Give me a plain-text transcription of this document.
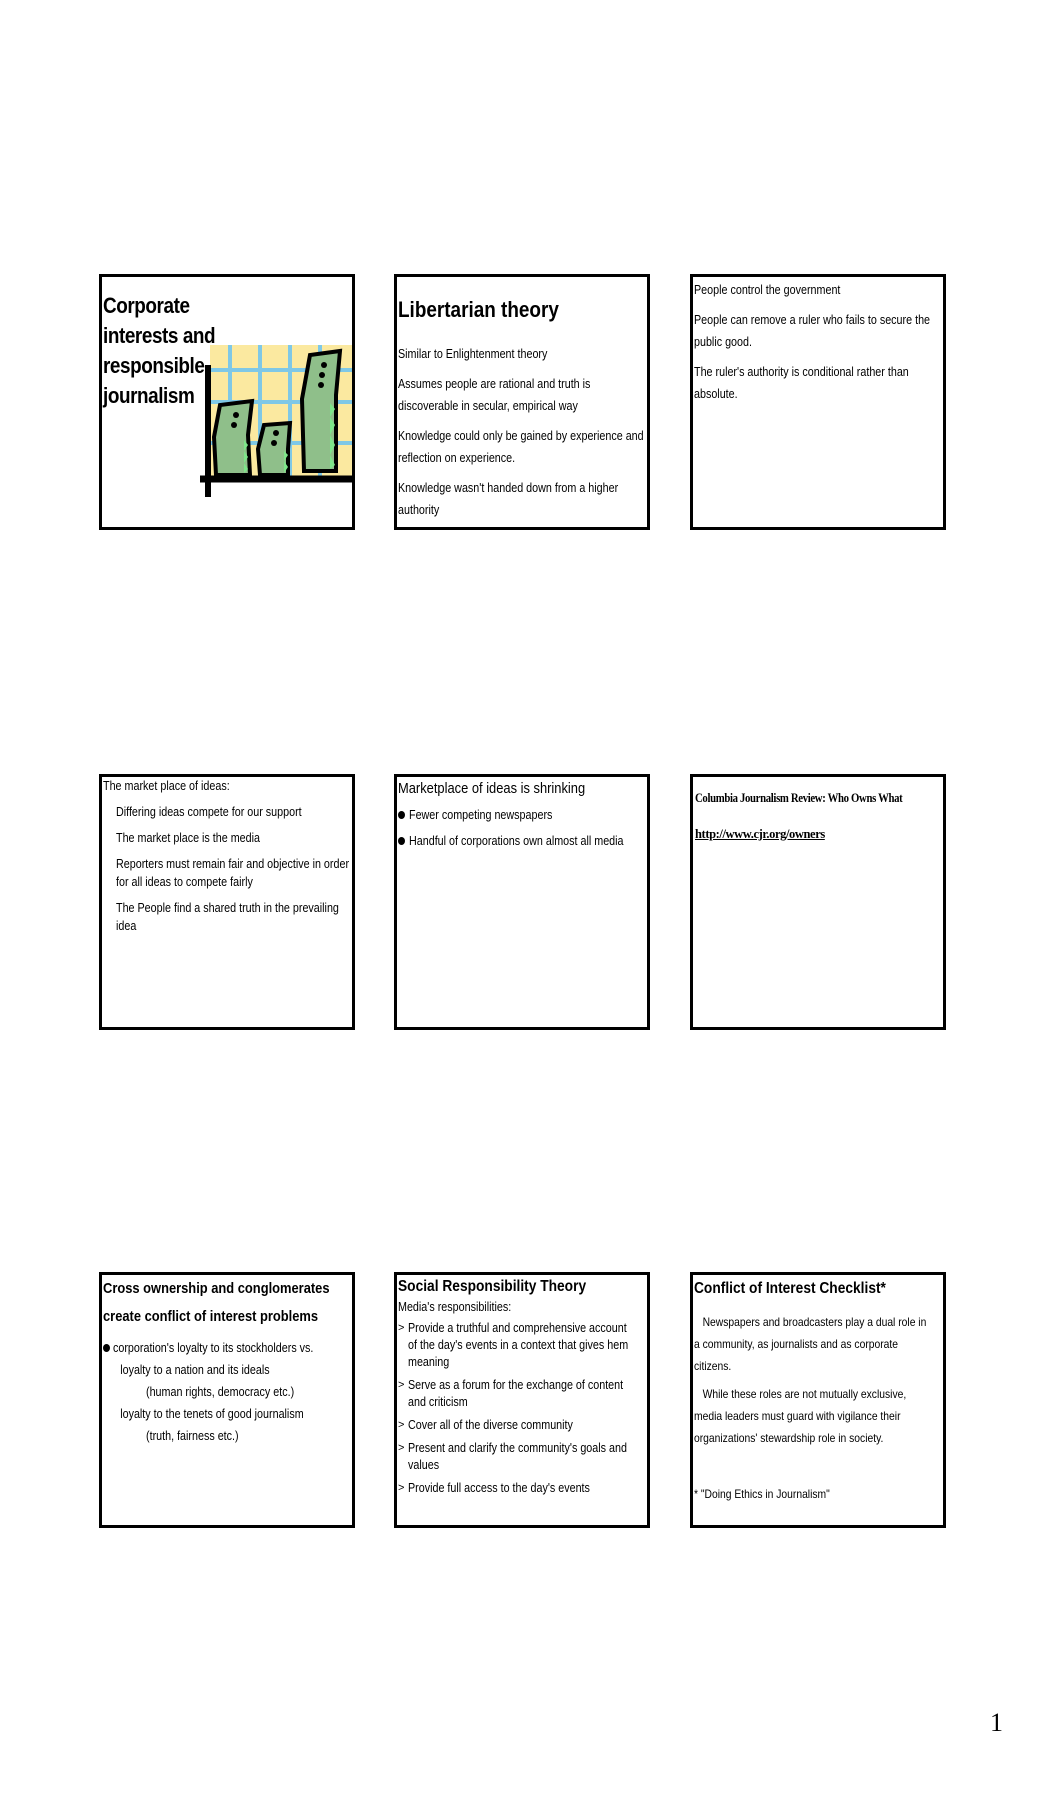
Corporate
interests and
responsible
journalism
Libertarian theory
Similar to Enlightenment theory
Assumes people are rational and truth is
discoverable in secular, empirical way
Knowledge could only be gained by experience and
reflection on experience.
Knowledge wasn't handed down from a higher
authority
People control the government
People can remove a ruler who fails to secure the
public good.
The ruler's authority is conditional rather than
absolute.
The market place of ideas:
Differing ideas compete for our support
The market place is the media
Reporters must remain fair and objective in order
for all ideas to compete fairly
The People find a shared truth in the prevailing
idea
Marketplace of ideas is shrinking
Fewer competing newspapers
Handful of corporations own almost all media
Columbia Journalism Review: Who Owns What
http://www.cjr.org/owners
Cross ownership and conglomerates
create conflict of interest problems
corporation's loyalty to its stockholders vs.
loyalty to a nation and its ideals
(human rights, democracy etc.)
loyalty to the tenets of good journalism
(truth, fairness etc.)
Social Responsibility Theory
Media's responsibilities:
> Provide a truthful and comprehensive account
of the day's events in a context that gives hem
meaning
> Serve as a forum for the exchange of content
and criticism
> Cover all of the diverse community
> Present and clarify the community's goals and
values
> Provide full access to the day's events
Conflict of Interest Checklist*
Newspapers and broadcasters play a dual role in
a community, as journalists and as corporate
citizens.
While these roles are not mutually exclusive,
media leaders must guard with vigilance their
organizations' stewardship role in society.
* "Doing Ethics in Journalism"
1
